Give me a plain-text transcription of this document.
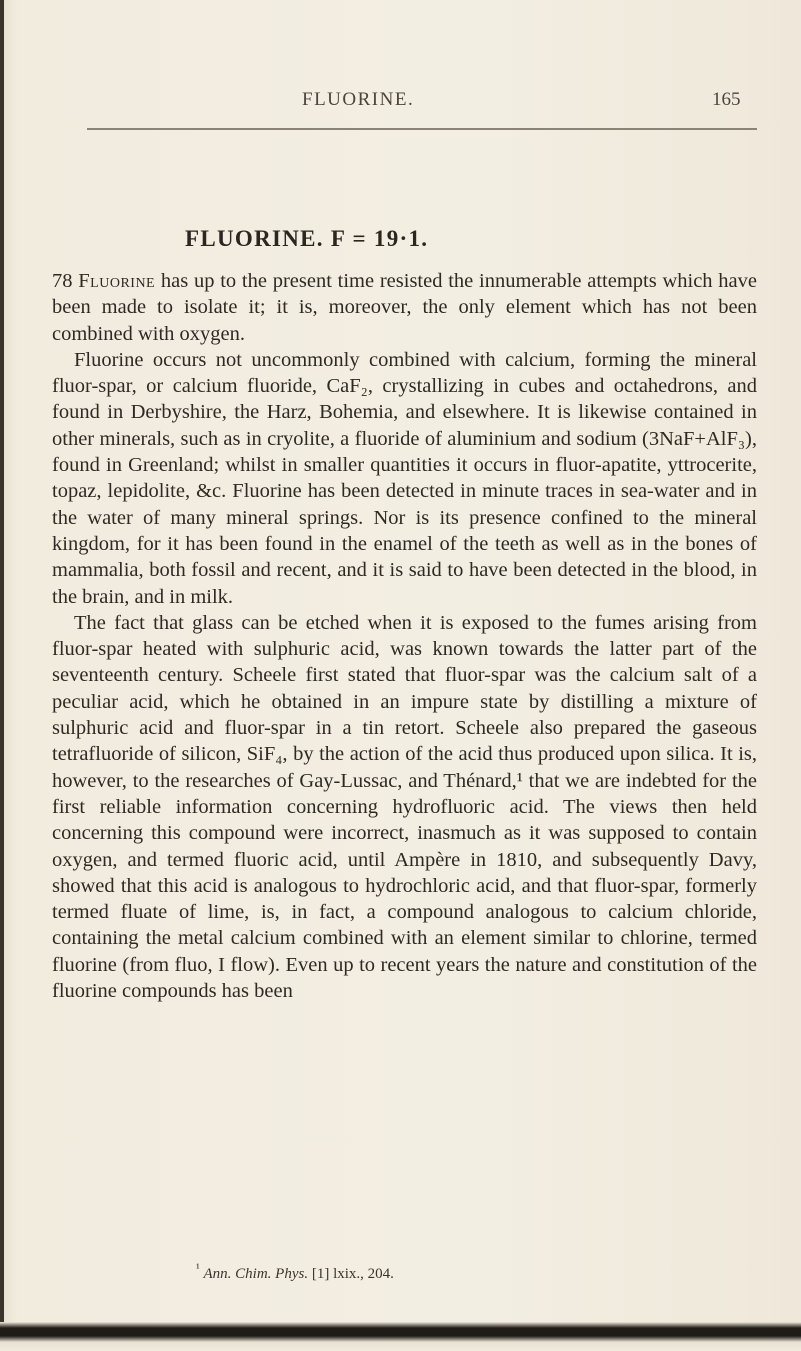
FLUORINE.	165
FLUORINE. F = 19·1.

78 Fluorine has up to the present time resisted the innumerable attempts which have been made to isolate it; it is, moreover, the only element which has not been combined with oxygen.

Fluorine occurs not uncommonly combined with calcium, forming the mineral fluor-spar, or calcium fluoride, CaF₂, crystallizing in cubes and octahedrons, and found in Derbyshire, the Harz, Bohemia, and elsewhere. It is likewise contained in other minerals, such as in cryolite, a fluoride of aluminium and sodium (3NaF+AlF₃), found in Greenland; whilst in smaller quantities it occurs in fluor-apatite, yttrocerite, topaz, lepidolite, &c. Fluorine has been detected in minute traces in sea-water and in the water of many mineral springs. Nor is its presence confined to the mineral kingdom, for it has been found in the enamel of the teeth as well as in the bones of mammalia, both fossil and recent, and it is said to have been detected in the blood, in the brain, and in milk.

The fact that glass can be etched when it is exposed to the fumes arising from fluor-spar heated with sulphuric acid, was known towards the latter part of the seventeenth century. Scheele first stated that fluor-spar was the calcium salt of a peculiar acid, which he obtained in an impure state by distilling a mixture of sulphuric acid and fluor-spar in a tin retort. Scheele also prepared the gaseous tetrafluoride of silicon, SiF₄, by the action of the acid thus produced upon silica. It is, however, to the researches of Gay-Lussac, and Thénard,¹ that we are indebted for the first reliable information concerning hydrofluoric acid. The views then held concerning this compound were incorrect, inasmuch as it was supposed to contain oxygen, and termed fluoric acid, until Ampère in 1810, and subsequently Davy, showed that this acid is analogous to hydrochloric acid, and that fluor-spar, formerly termed fluate of lime, is, in fact, a compound analogous to calcium chloride, containing the metal calcium combined with an element similar to chlorine, termed fluorine (from fluo, I flow). Even up to recent years the nature and constitution of the fluorine compounds has been

$^{^1}$ Ann. Chim. Phys. [1] lxix., 204.
